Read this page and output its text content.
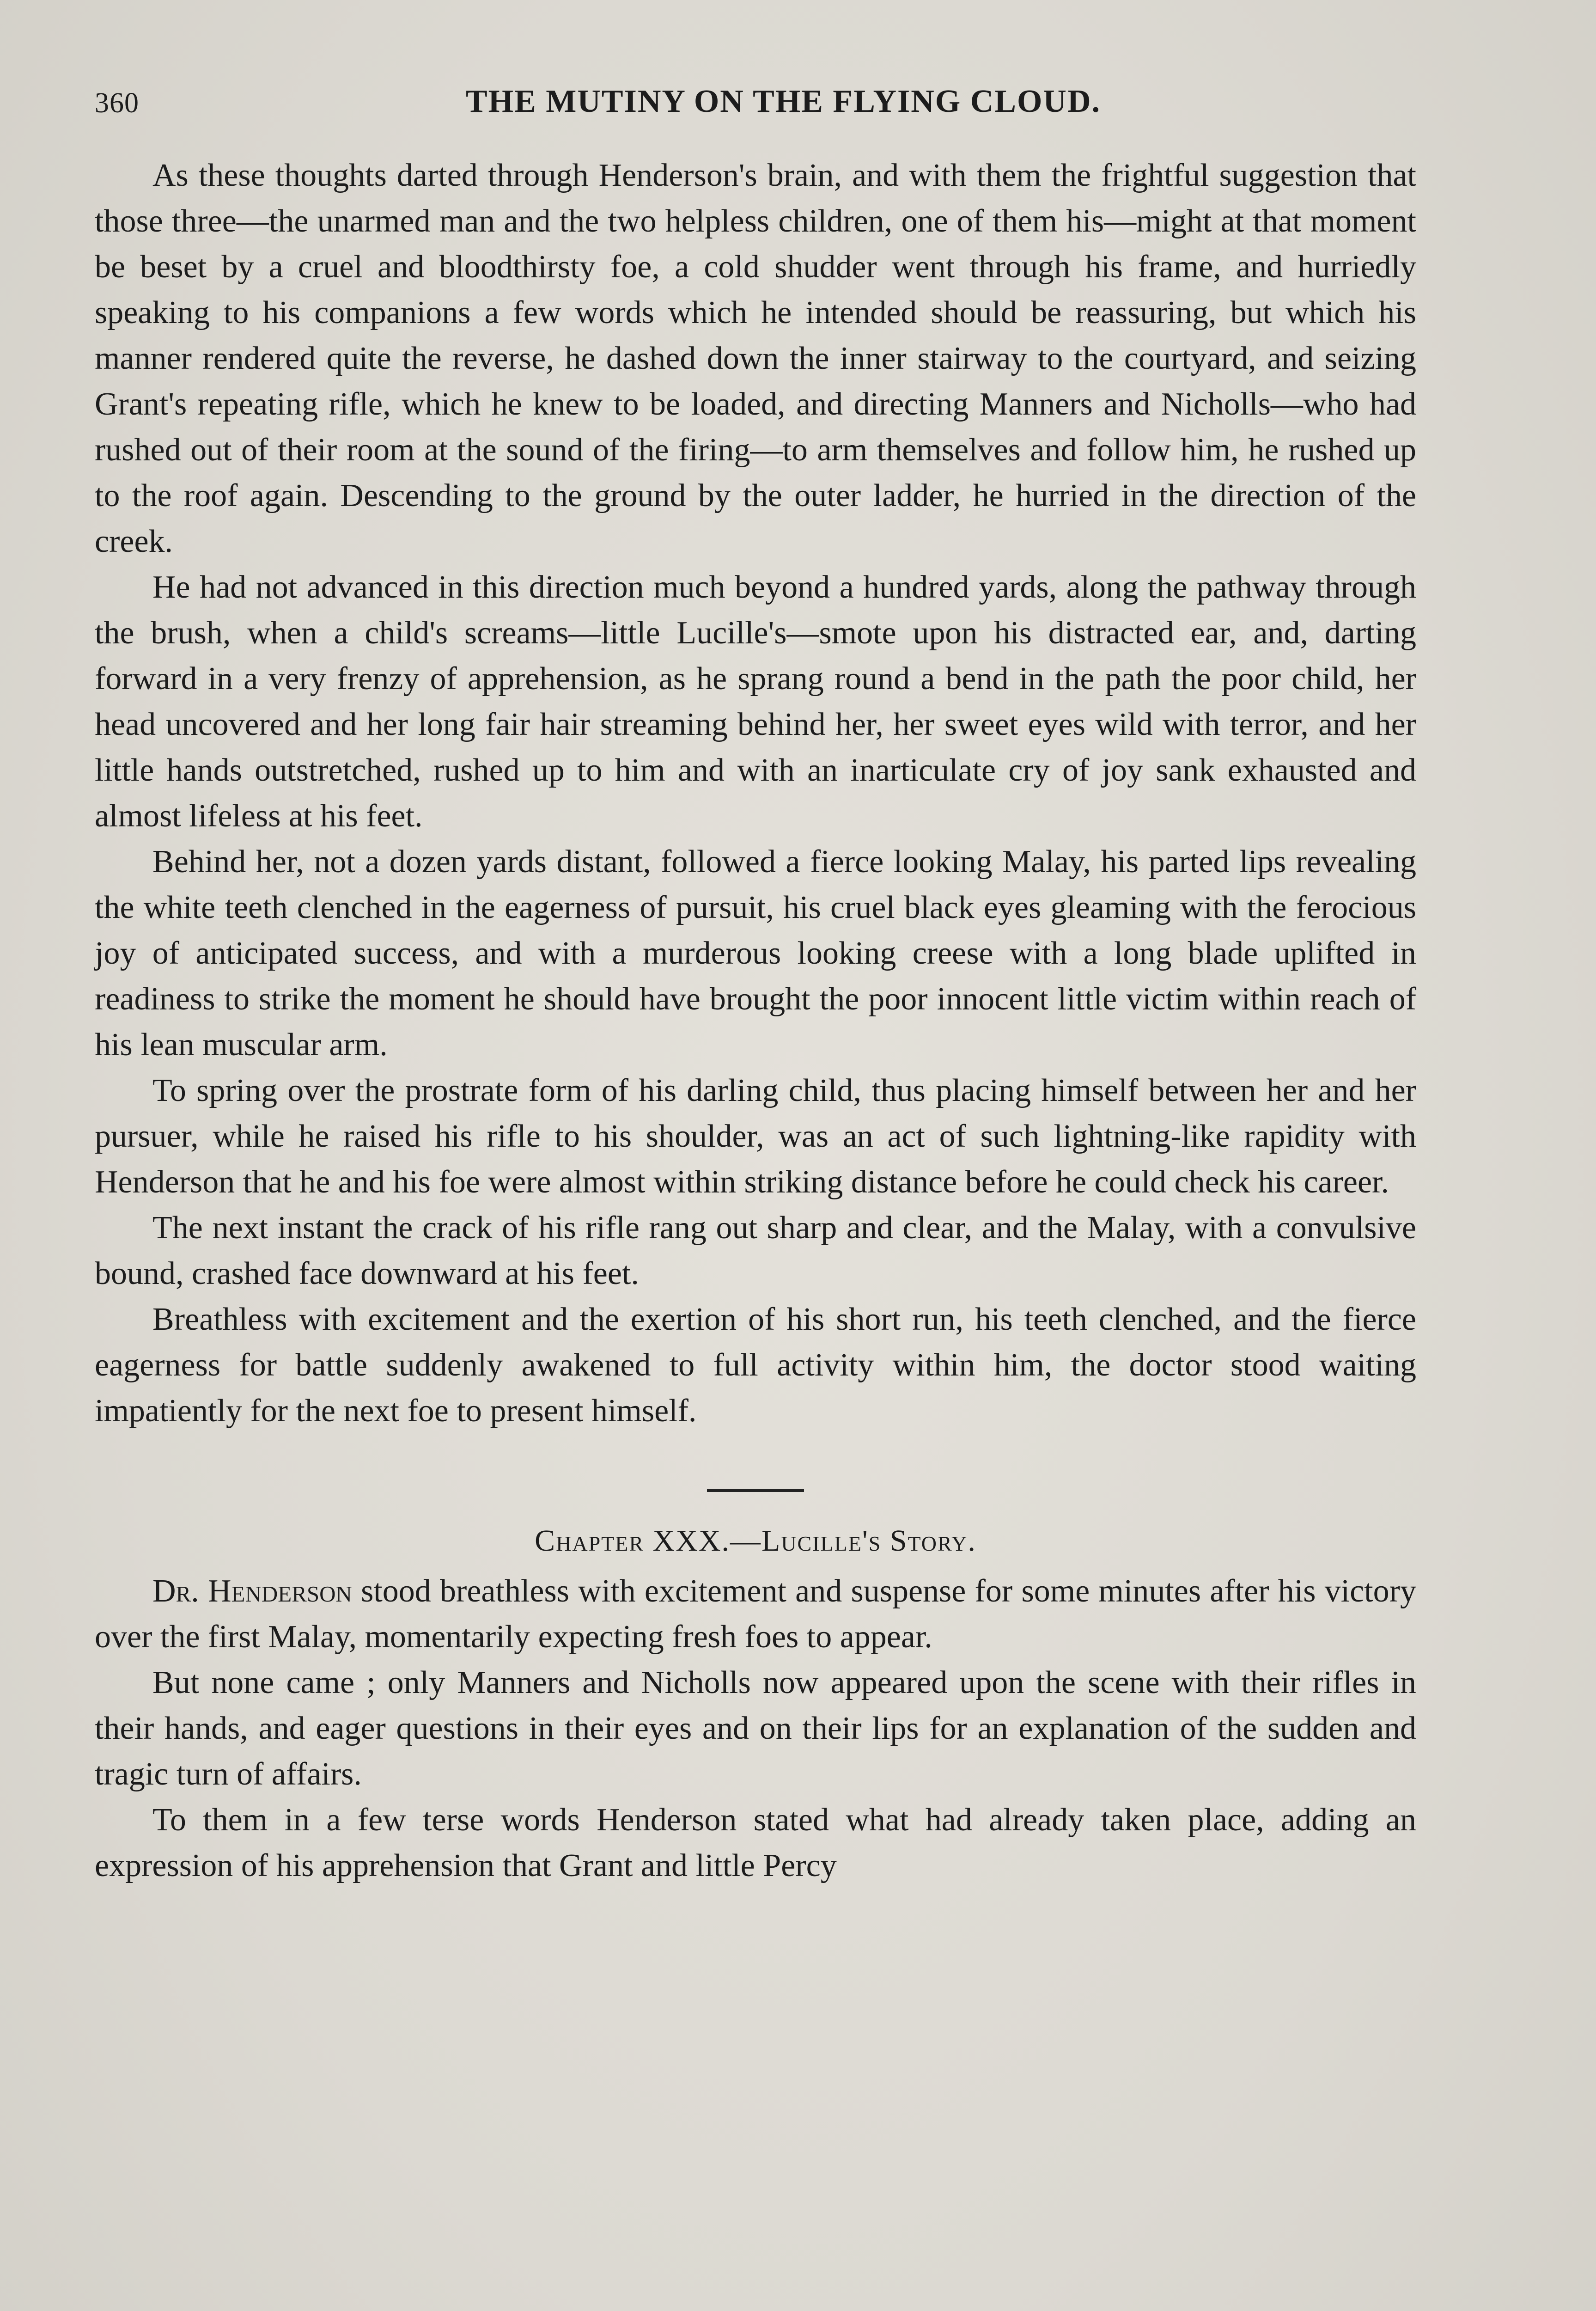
360	THE MUTINY ON THE FLYING CLOUD.

As these thoughts darted through Henderson's brain, and with them the frightful suggestion that those three—the unarmed man and the two helpless children, one of them his—might at that moment be beset by a cruel and bloodthirsty foe, a cold shudder went through his frame, and hurriedly speaking to his companions a few words which he intended should be reassuring, but which his manner rendered quite the reverse, he dashed down the inner stairway to the courtyard, and seizing Grant's repeating rifle, which he knew to be loaded, and directing Manners and Nicholls—who had rushed out of their room at the sound of the firing—to arm themselves and follow him, he rushed up to the roof again. Descending to the ground by the outer ladder, he hurried in the direction of the creek.

He had not advanced in this direction much beyond a hundred yards, along the pathway through the brush, when a child's screams—little Lucille's—smote upon his distracted ear, and, darting forward in a very frenzy of apprehension, as he sprang round a bend in the path the poor child, her head uncovered and her long fair hair streaming behind her, her sweet eyes wild with terror, and her little hands outstretched, rushed up to him and with an inarticulate cry of joy sank exhausted and almost lifeless at his feet.

Behind her, not a dozen yards distant, followed a fierce looking Malay, his parted lips revealing the white teeth clenched in the eagerness of pursuit, his cruel black eyes gleaming with the ferocious joy of anticipated success, and with a murderous looking creese with a long blade uplifted in readiness to strike the moment he should have brought the poor innocent little victim within reach of his lean muscular arm.

To spring over the prostrate form of his darling child, thus placing himself between her and her pursuer, while he raised his rifle to his shoulder, was an act of such lightning-like rapidity with Henderson that he and his foe were almost within striking distance before he could check his career.

The next instant the crack of his rifle rang out sharp and clear, and the Malay, with a convulsive bound, crashed face downward at his feet.

Breathless with excitement and the exertion of his short run, his teeth clenched, and the fierce eagerness for battle suddenly awakened to full activity within him, the doctor stood waiting impatiently for the next foe to present himself.

Chapter XXX.—Lucille's Story.

Dr. Henderson stood breathless with excitement and suspense for some minutes after his victory over the first Malay, momentarily expecting fresh foes to appear.

But none came ; only Manners and Nicholls now appeared upon the scene with their rifles in their hands, and eager questions in their eyes and on their lips for an explanation of the sudden and tragic turn of affairs.

To them in a few terse words Henderson stated what had already taken place, adding an expression of his apprehension that Grant and little Percy
